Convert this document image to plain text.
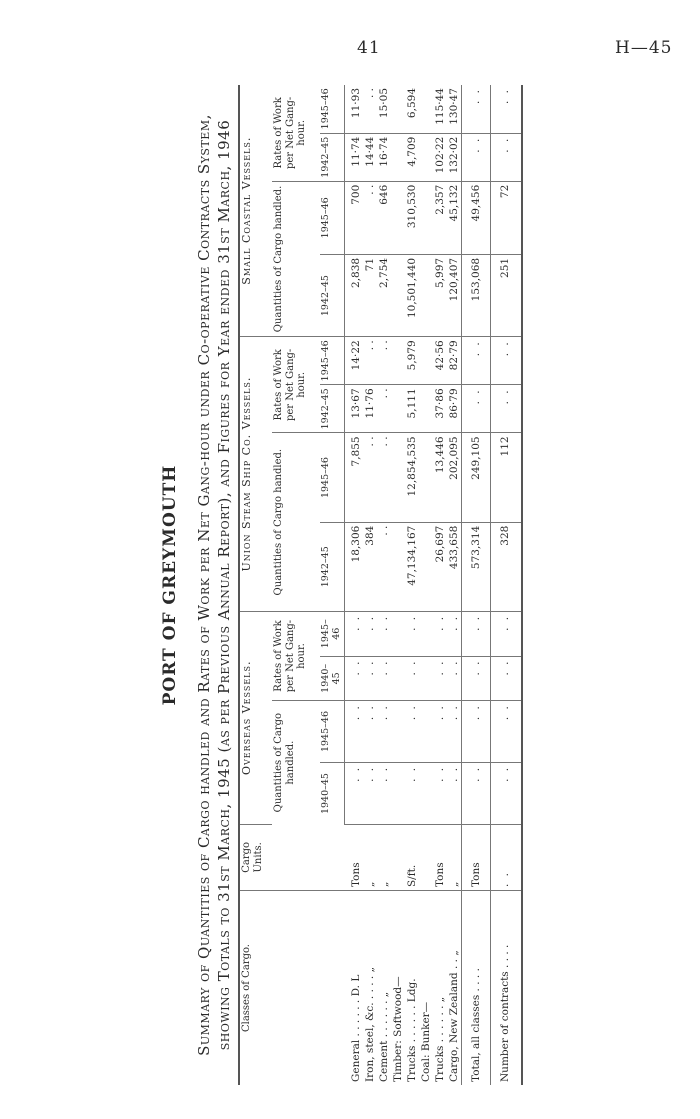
41	H—45
PORT OF GREYMOUTH Summary of Quantities of Cargo handled and Rates of Work per Net Gang-hour under Co-operative Contracts System, showing Totals to 31st March, 1945 (as per Previous Annual Report), and Figures for Year ended 31st March, 1946 Classes of Cargo.	Cargo Units.	Overseas Vessels.				Union Steam Ship Co. Vessels.				Small Coastal Vessels.			
		Quantities of Cargo handled.		Rates of Work per Net Gang-hour.		Quantities of Cargo handled.		Rates of Work per Net Gang-hour.		Quantities of Cargo handled.		Rates of Work per Net Gang-hour.	
		1940–45	1945–46	1940–45	1945–46	1942–45	1945–46	1942–45	1945–46	1942–45	1945–46	1942–45	1945–46

General . . . . . . D. L	Tons	. .	. .	. .	. .	18,306	7,855	13·67	14·22	2,838	700	11·74	11·93
Iron, steel, &c. . . . . „	„	. .	. .	. .	. .	384	. .	11·76	. .	71	. .	14·44	. .
Cement . . . . . . „	„	. .	. .	. .	. .	. .	. .	. .	. .	2,754	646	16·74	15·05
Timber: Softwood—													
Trucks . . . . . . Ldg.	S/ft.	. .	. .	. .	. .	47,134,167	12,854,535	5,111	5,979	10,501,440	310,530	4,709	6,594
Coal: Bunker—													
Trucks . . . . . . „	Tons	. .	. .	. .	. .	26,697	13,446	37·86	42·56	5,997	2,357	102·22	115·44
Cargo, New Zealand . . „	„	. .	. .	. .	. .	433,658	202,095	86·79	82·79	120,407	45,132	132·02	130·47
Total, all classes . . . .	Tons	. .	. .	. .	. .	573,314	249,105	. .	. .	153,068	49,456	. .	. .
Number of contracts . . . .	. .	. .	. .	. .	. .	328	112	. .	. .	251	72	. .	. .
